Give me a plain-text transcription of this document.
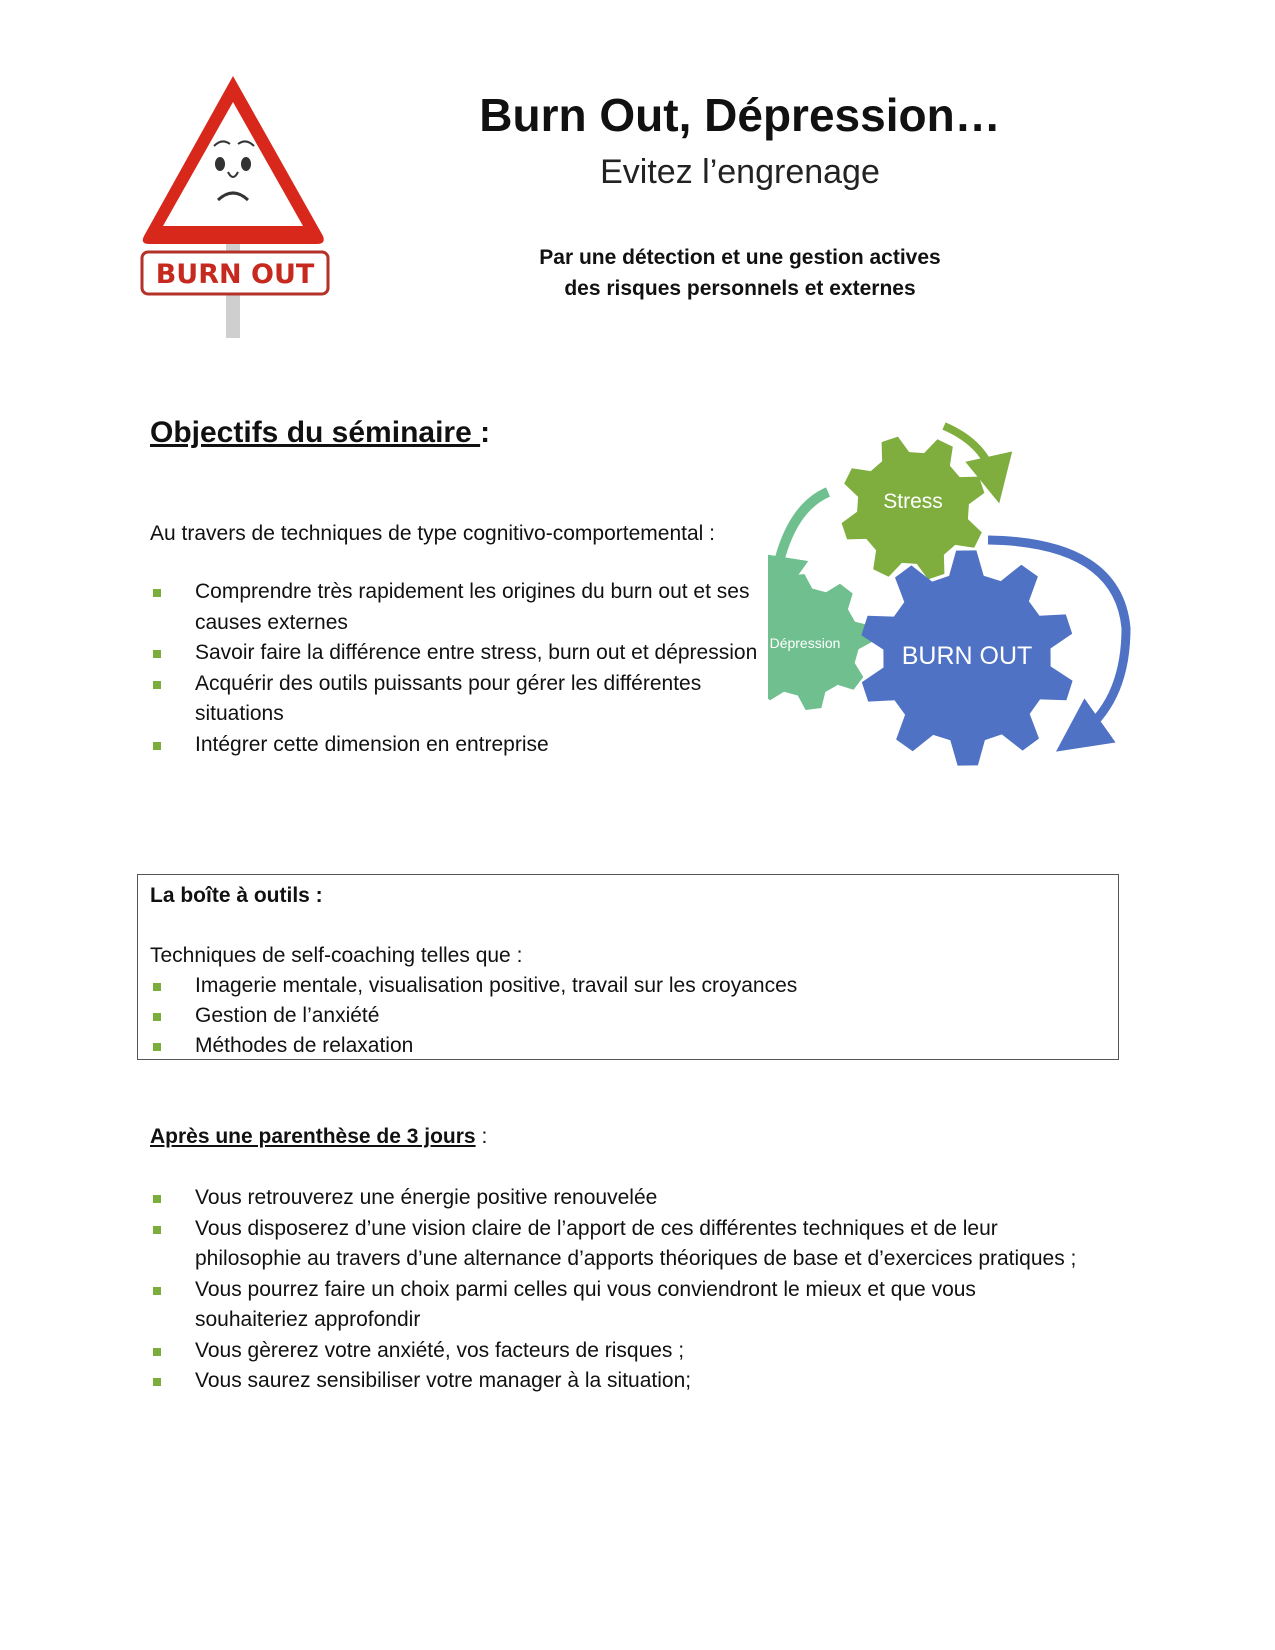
BURN OUT
Burn Out, Dépression…
Evitez l’engrenage
Par une détection et une gestion actives
des risques personnels et externes
Objectifs du séminaire :
Au travers de techniques de type cognitivo-comportemental :
Comprendre très rapidement les origines du burn out et ses causes externes
Savoir faire la différence entre stress, burn out et dépression
Acquérir des outils puissants pour gérer les différentes situations
Intégrer cette dimension en entreprise
Stress
Dépression BURN OUT
La boîte à outils :
Techniques de self-coaching telles que :
Imagerie mentale, visualisation positive, travail sur les croyances
Gestion de l’anxiété
Méthodes de relaxation
Après une parenthèse de 3 jours :
Vous retrouverez une énergie positive renouvelée
Vous disposerez d’une vision claire de l’apport de ces différentes techniques et de leur philosophie au travers d’une alternance d’apports théoriques de base et d’exercices pratiques ;
Vous pourrez faire un choix parmi celles qui vous conviendront le mieux et que vous souhaiteriez approfondir
Vous gèrerez votre anxiété, vos facteurs de risques ;
Vous saurez sensibiliser votre manager à la situation;
